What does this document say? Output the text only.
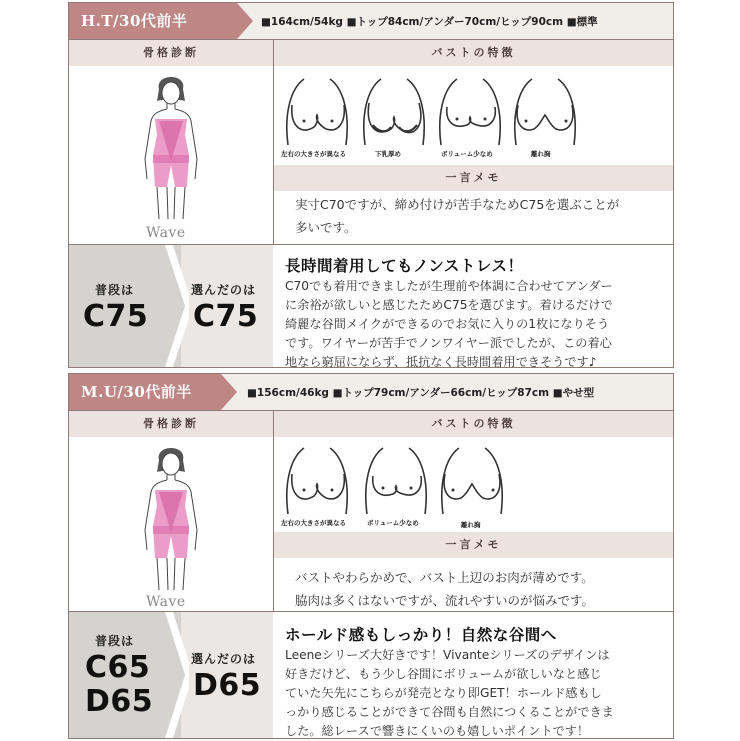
H.T/30代前半	■164cm/54kg ■トップ84cm/アンダー70cm/ヒップ90cm ■標準
骨格診断	バストの特徴
Wave
左右の大きさが異なる	下乳厚め	ボリューム少なめ	離れ胸
一言メモ
実寸C70ですが、締め付けが苦手なためC75を選ぶことが
多いです。
普段は
C75
選んだのは
C75
長時間着用してもノンストレス！
C70でも着用できましたが生理前や体調に合わせてアンダー
に余裕が欲しいと感じたためC75を選びます。着けるだけで
綺麗な谷間メイクができるのでお気に入りの1枚になりそう
です。ワイヤーが苦手でノンワイヤー派でしたが、この着心
地なら窮屈にならず、抵抗なく長時間着用できそうです♪
M.U/30代前半	■156cm/46kg ■トップ79cm/アンダー66cm/ヒップ87cm ■やせ型
骨格診断	バストの特徴
Wave
左右の大きさが異なる	ボリューム少なめ	離れ胸
一言メモ
バストやわらかめで、バスト上辺のお肉が薄めです。
脇肉は多くはないですが、流れやすいのが悩みです。
普段は
C65
D65
選んだのは
D65
ホールド感もしっかり！自然な谷間へ
Leeneシリーズ大好きです！Vivanteシリーズのデザインは
好きだけど、もう少し谷間にボリュームが欲しいなと感じ
ていた矢先にこちらが発売となり即GET！ホールド感もし
っかり感じることができて谷間も自然につくることができま
した。総レースで響きにくいのも嬉しいポイントです！
